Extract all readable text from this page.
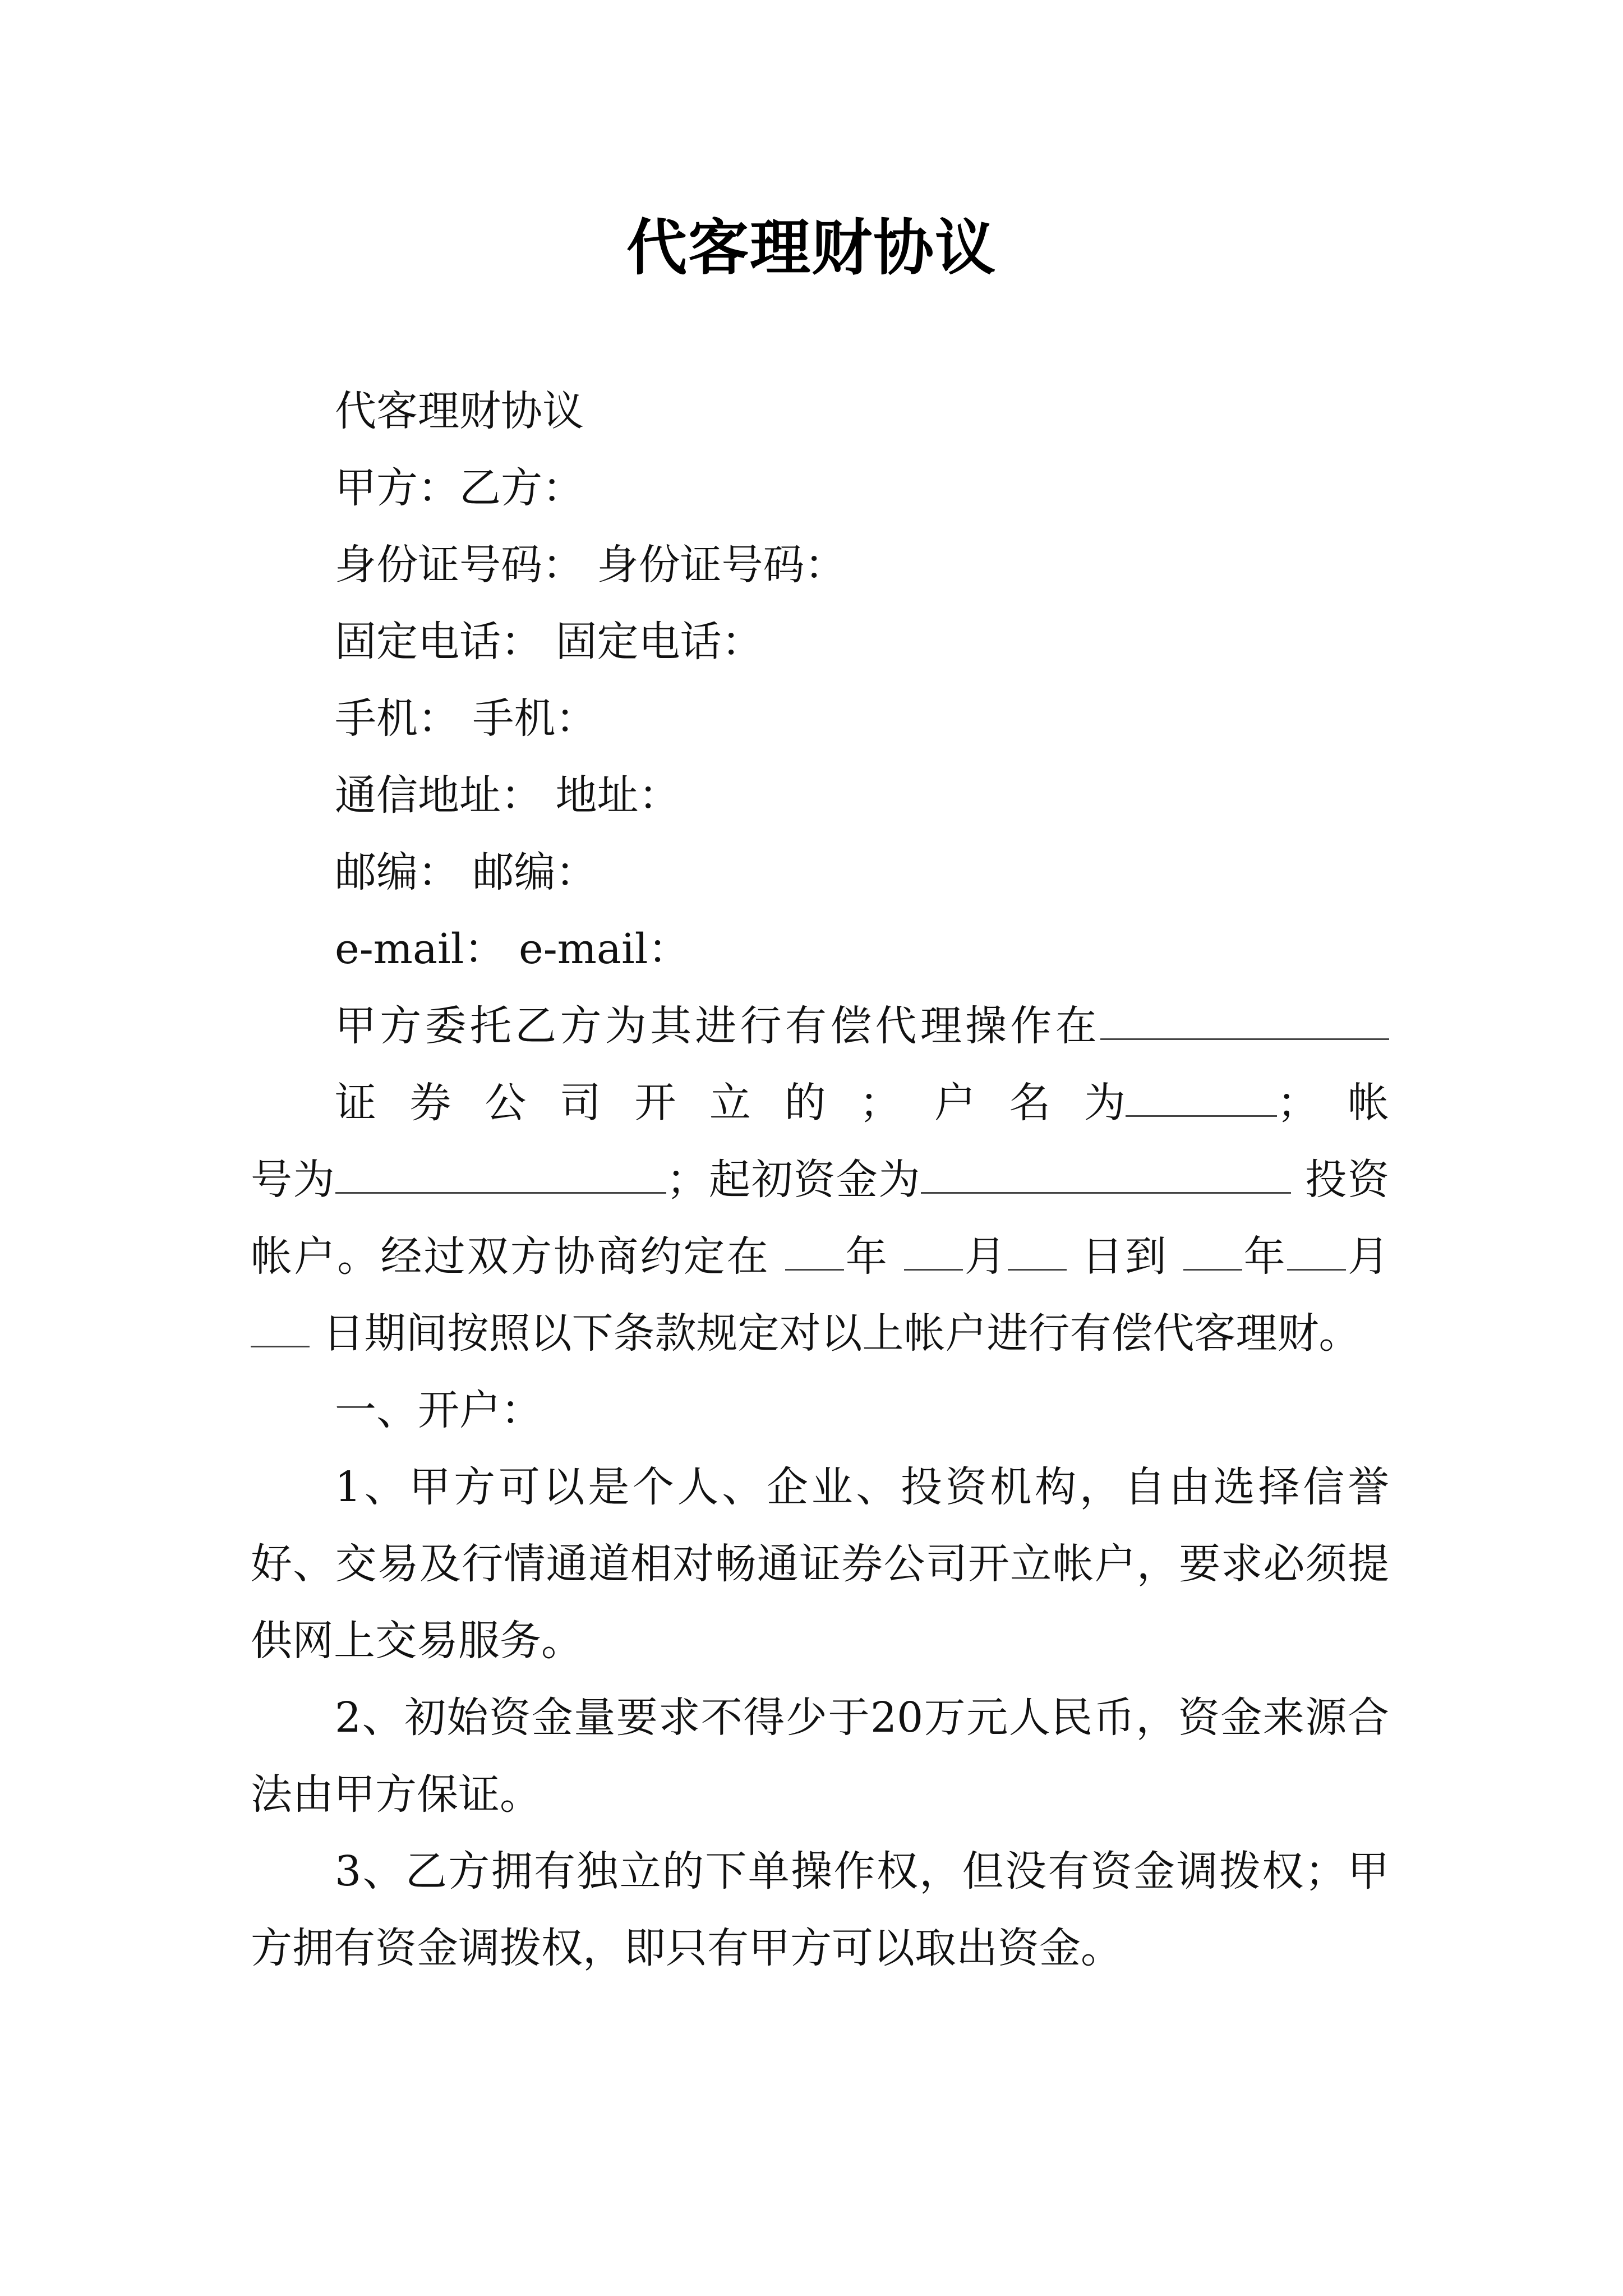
代客理财协议

代客理财协议

甲方：乙方：

身份证号码： 身份证号码：

固定电话： 固定电话：

手机： 手机：

通信地址： 地址：

邮编： 邮编：

e-mail： e-mail：

甲方委托乙方为其进行有偿代理操作在证券公司开立的；户名为	；帐号为	；起初资金为	投资帐户。经过双方协商约定在 年 月 日到 年 月 日期间按照以下条款规定对以上帐户进行有偿代客理财。

一、开户：

1、甲方可以是个人、企业、投资机构，自由选择信誉好、交易及行情通道相对畅通证券公司开立帐户，要求必须提供网上交易服务。

2、初始资金量要求不得少于20万元人民币，资金来源合法由甲方保证。

3、乙方拥有独立的下单操作权，但没有资金调拨权；甲方拥有资金调拨权，即只有甲方可以取出资金。
